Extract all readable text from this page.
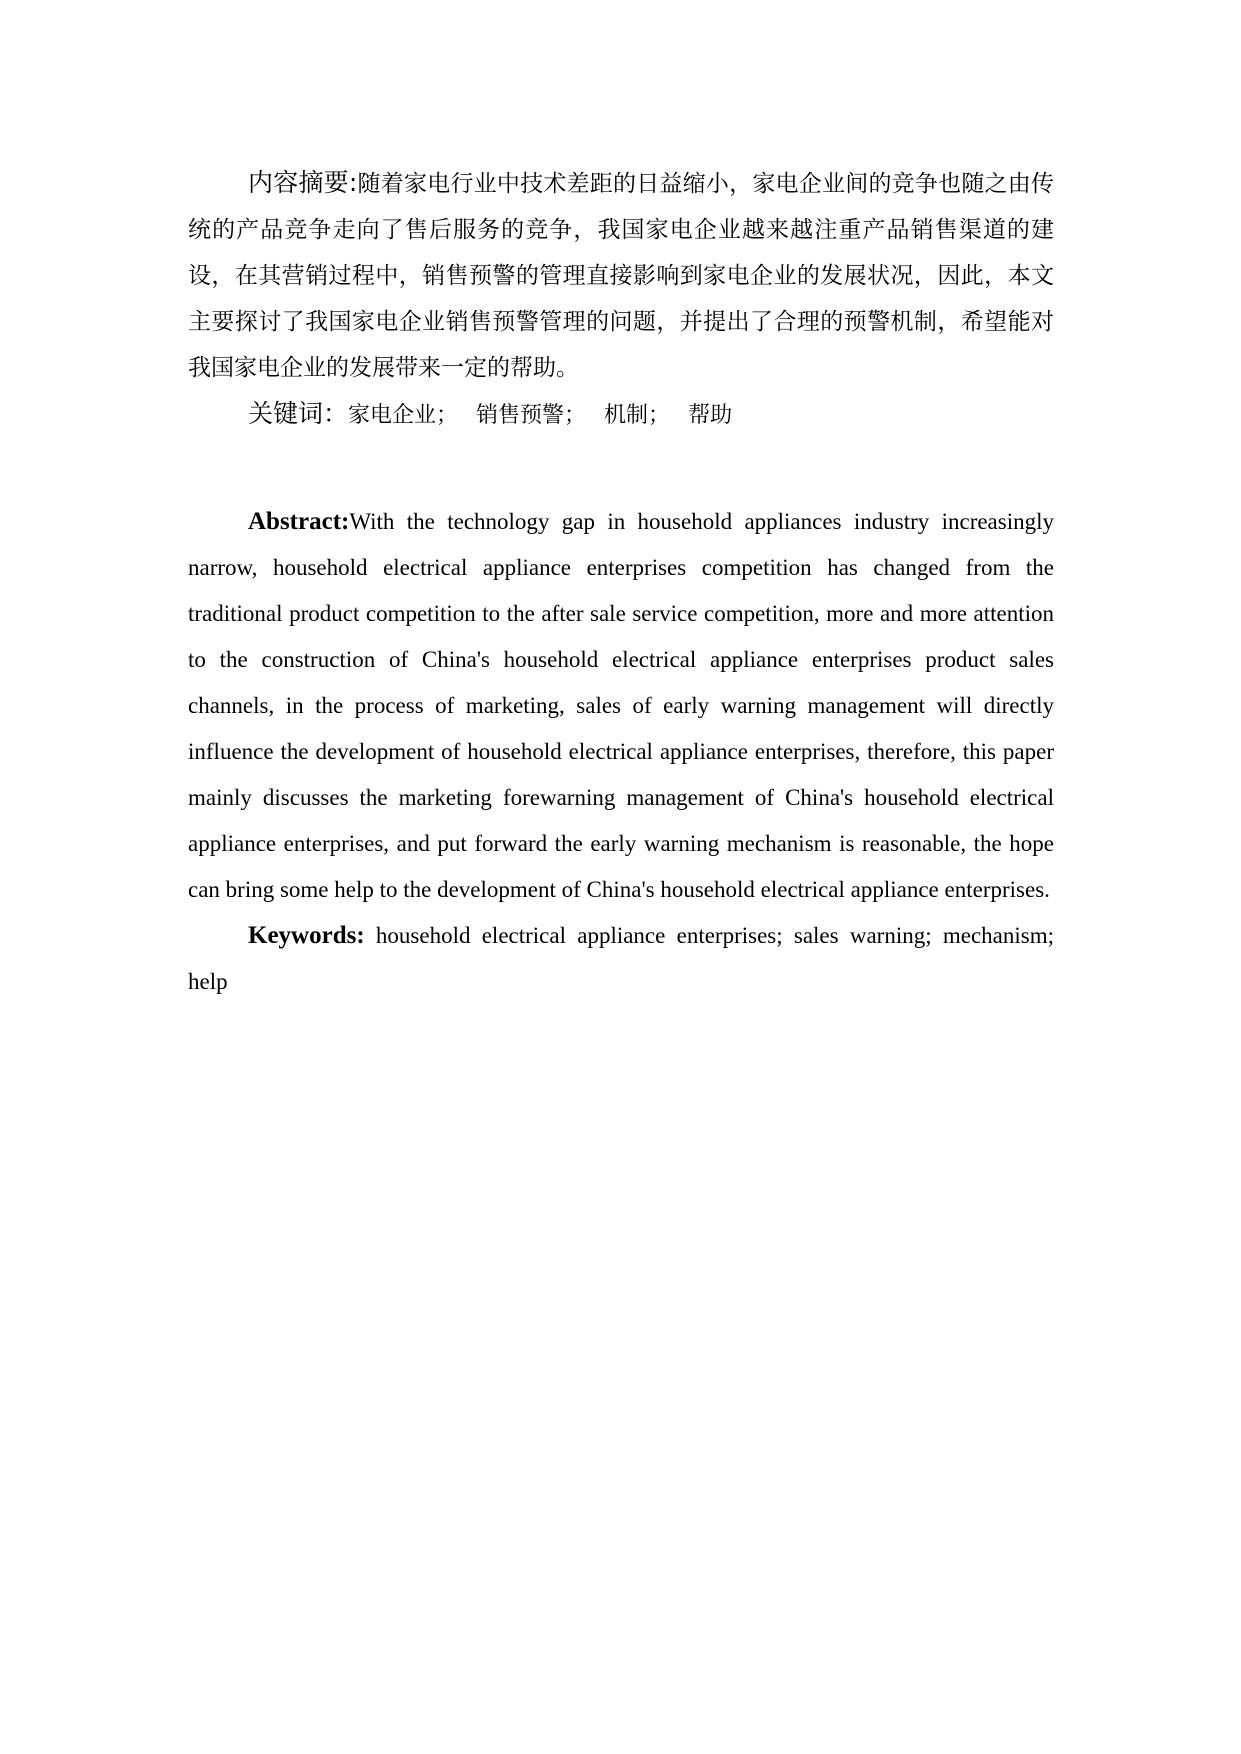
内容摘要:随着家电行业中技术差距的日益缩小，家电企业间的竞争也随之由传统的产品竞争走向了售后服务的竞争，我国家电企业越来越注重产品销售渠道的建设，在其营销过程中，销售预警的管理直接影响到家电企业的发展状况，因此，本文主要探讨了我国家电企业销售预警管理的问题，并提出了合理的预警机制，希望能对我国家电企业的发展带来一定的帮助。

关键词：家电企业； 销售预警； 机制； 帮助

Abstract:With the technology gap in household appliances industry increasingly narrow, household electrical appliance enterprises competition has changed from the traditional product competition to the after sale service competition, more and more attention to the construction of China's household electrical appliance enterprises product sales channels, in the process of marketing, sales of early warning management will directly influence the development of household electrical appliance enterprises, therefore, this paper mainly discusses the marketing forewarning management of China's household electrical appliance enterprises, and put forward the early warning mechanism is reasonable, the hope can bring some help to the development of China's household electrical appliance enterprises.

Keywords: household electrical appliance enterprises; sales warning; mechanism; help
